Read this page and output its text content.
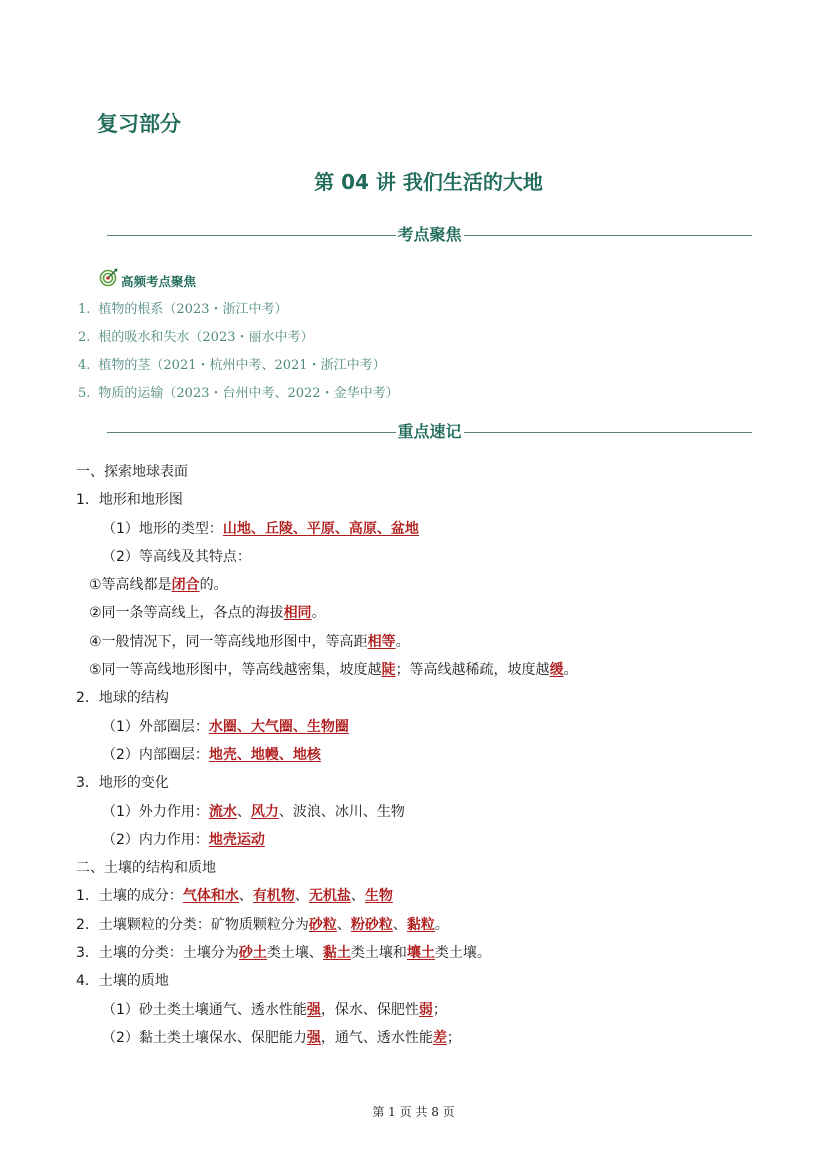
复习部分
第 04 讲 我们生活的大地
考点聚焦
高频考点聚焦
1. 植物的根系（2023・浙江中考）
2. 根的吸水和失水（2023・丽水中考）
4. 植物的茎（2021・杭州中考、2021・浙江中考）
5. 物质的运输（2023・台州中考、2022・金华中考）
重点速记
一、探索地球表面
1．地形和地形图
（1）地形的类型：山地、丘陵、平原、高原、盆地
（2）等高线及其特点：
①等高线都是闭合的。
②同一条等高线上，各点的海拔相同。
④一般情况下，同一等高线地形图中，等高距相等。
⑤同一等高线地形图中，等高线越密集，坡度越陡；等高线越稀疏，坡度越缓。
2．地球的结构
（1）外部圈层：水圈、大气圈、生物圈
（2）内部圈层：地壳、地幔、地核
3．地形的变化
（1）外力作用：流水、风力、波浪、冰川、生物
（2）内力作用：地壳运动
二、土壤的结构和质地
1．土壤的成分：气体和水、有机物、无机盐、生物
2．土壤颗粒的分类：矿物质颗粒分为砂粒、粉砂粒、黏粒。
3．土壤的分类：土壤分为砂土类土壤、黏土类土壤和壤土类土壤。
4．土壤的质地
（1）砂土类土壤通气、透水性能强，保水、保肥性弱；
（2）黏土类土壤保水、保肥能力强，通气、透水性能差；
第 1 页 共 8 页
